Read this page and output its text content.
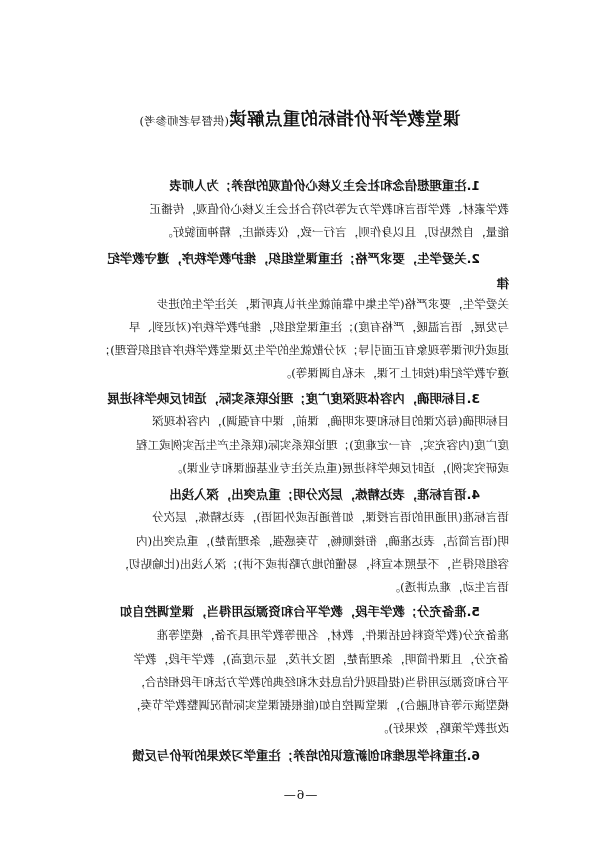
课堂教学评价指标的重点解读(供督导老师参考)
1.注重理想信念和社会主义核心价值观的培养；为人师表
教学素材、教学语言和教学方式等均符合社会主义核心价值观，传播正
能量，自然贴切，且以身作则，言行一致，仪表端庄，精神面貌好。
2.关爱学生，要求严格；注重课堂组织，维护教学秩序，遵守教学纪
律
关爱学生，要求严格(学生集中靠前就坐并认真听课，关注学生的进步
与发展，语言温暖，严格有度)；注重课堂组织，维护教学秩序(对迟到、早
退或代听课等现象有正面引导；对分散就坐的学生及课堂教学秩序有组织管理)；
遵守教学纪律(按时上下课，未私自调课等)。
3.目标明确，内容体现深度广度；理论联系实际，适时反映学科进展
目标明确(每次课的目标和要求明确，课前，课中有强调)，内容体现深
度广度(内容充实，有一定难度)；理论联系实际(联系生产生活实例或工程
或研究实例)，适时反映学科进展(重点关注专业基础课和专业课)。
4.语言标准，表达精炼，层次分明；重点突出，深入浅出
语言标准(用通用的语言授课，如普通话或外国语)，表达精炼，层次分
明(语言简洁，表达准确，衔接顺畅，节奏感强，条理清楚)，重点突出(内
容组织得当，不是照本宣科，易懂的地方略讲或不讲)；深入浅出(比喻贴切，
语言生动，难点讲透)。
5.准备充分；教学手段，教学平台和资源运用得当，课堂调控自如
准备充分(教学资料包括课件，教材，名册等教学用具齐备，模型等准
备充分，且课件简明，条理清楚，图文并茂，显示度高)，教学手段，教学
平台和资源运用得当(提倡现代信息技术和经典的教学方法和手段相结合，
模型演示等有机融合)，课堂调控自如(能根据课堂实际情况调整教学节奏，
改进教学策略，效果好)。
6.注重科学思维和创新意识的培养；注重学习效果的评价与反馈
—6—
